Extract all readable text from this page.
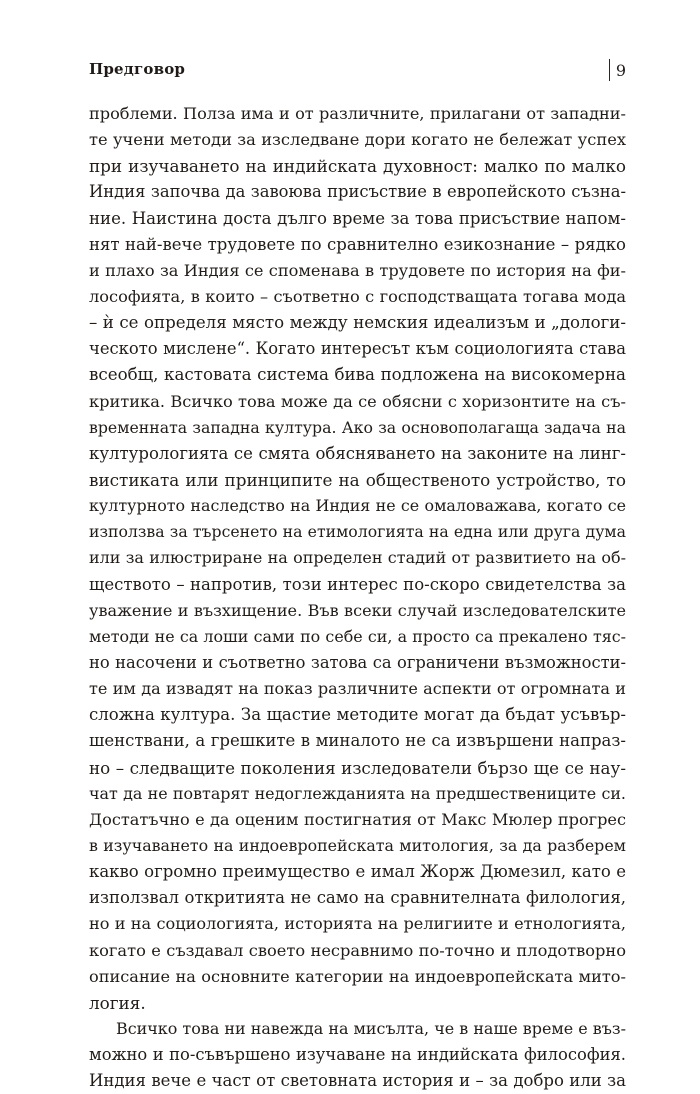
Предговор	9
проблеми. Полза има и от различните, прилагани от западни-
те учени методи за изследване дори когато не бележат успех
при изучаването на индийската духовност: малко по малко
Индия започва да завоюва присъствие в европейското съзна-
ние. Наистина доста дълго време за това присъствие напом-
нят най-вече трудовете по сравнително езикознание – рядко
и плахо за Индия се споменава в трудовете по история на фи-
лософията, в които – съответно с господстващата тогава мода
– ѝ се определя място между немския идеализъм и „дологи-
ческото мислене“. Когато интересът към социологията става
всеобщ, кастовата система бива подложена на високомерна
критика. Всичко това може да се обясни с хоризонтите на съ-
временната западна култура. Ако за основополагаща задача на
културологията се смята обясняването на законите на линг-
вистиката или принципите на общественото устройство, то
културното наследство на Индия не се омаловажава, когато се
използва за търсенето на етимологията на една или друга дума
или за илюстриране на определен стадий от развитието на об-
ществото – напротив, този интерес по-скоро свидетелства за
уважение и възхищение. Във всеки случай изследователските
методи не са лоши сами по себе си, а просто са прекалено тяс-
но насочени и съответно затова са ограничени възможности-
те им да извадят на показ различните аспекти от огромната и
сложна култура. За щастие методите могат да бъдат усъвър-
шенствани, а грешките в миналото не са извършени напраз-
но – следващите поколения изследователи бързо ще се нау-
чат да не повтарят недоглежданията на предшествениците си.
Достатъчно е да оценим постигнатия от Макс Мюлер прогрес
в изучаването на индоевропейската митология, за да разберем
какво огромно преимущество е имал Жорж Дюмезил, като е
използвал откритията не само на сравнителната филология,
но и на социологията, историята на религиите и етнологията,
когато е създавал своето несравнимо по-точно и плодотворно
описание на основните категории на индоевропейската мито-
логия.
Всичко това ни навежда на мисълта, че в наше време е въз-
можно и по-съвършено изучаване на индийската философия.
Индия вече е част от световната история и – за добро или за
